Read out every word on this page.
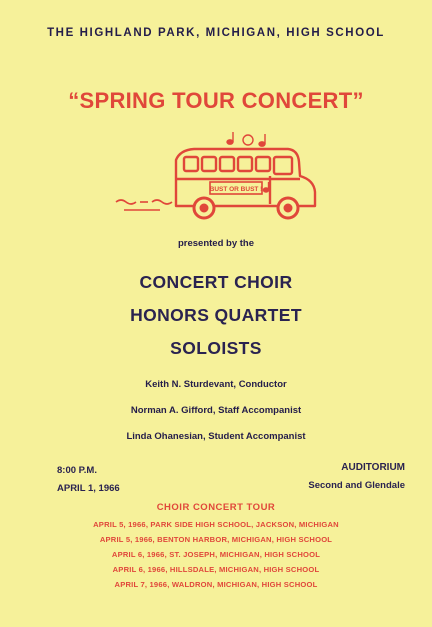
THE HIGHLAND PARK, MICHIGAN, HIGH SCHOOL
“SPRING TOUR CONCERT”
BUST OR BUST !
presented by the
CONCERT CHOIR
HONORS QUARTET
SOLOISTS
Keith N. Sturdevant, Conductor
Norman A. Gifford, Staff Accompanist
Linda Ohanesian, Student Accompanist
8:00 P.M.
APRIL 1, 1966
AUDITORIUM
Second and Glendale
CHOIR CONCERT TOUR
APRIL 5, 1966, PARK SIDE HIGH SCHOOL, JACKSON, MICHIGAN
APRIL 5, 1966, BENTON HARBOR, MICHIGAN, HIGH SCHOOL
APRIL 6, 1966, ST. JOSEPH, MICHIGAN, HIGH SCHOOL
APRIL 6, 1966, HILLSDALE, MICHIGAN, HIGH SCHOOL
APRIL 7, 1966, WALDRON, MICHIGAN, HIGH SCHOOL
